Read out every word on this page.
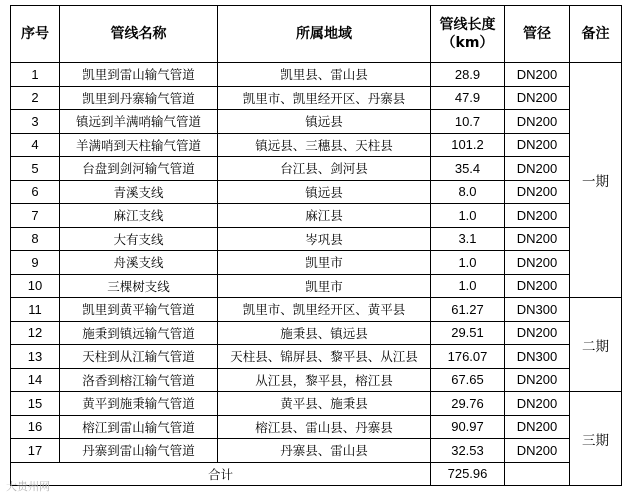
序号	管线名称	所属地域	管线长度（km）	管径	备注
1	凯里到雷山输气管道	凯里县、雷山县	28.9	DN200	一期
2	凯里到丹寨输气管道	凯里市、凯里经开区、丹寨县	47.9	DN200	
3	镇远到羊满哨输气管道	镇远县	10.7	DN200	
4	羊满哨到天柱输气管道	镇远县、三穗县、天柱县	101.2	DN200	
5	台盘到剑河输气管道	台江县、剑河县	35.4	DN200	
6	青溪支线	镇远县	8.0	DN200	
7	麻江支线	麻江县	1.0	DN200	
8	大有支线	岑巩县	3.1	DN200	
9	舟溪支线	凯里市	1.0	DN200	
10	三棵树支线	凯里市	1.0	DN200	
11	凯里到黄平输气管道	凯里市、凯里经开区、黄平县	61.27	DN300	二期
12	施秉到镇远输气管道	施秉县、镇远县	29.51	DN200	
13	天柱到从江输气管道	天柱县、锦屏县、黎平县、从江县	176.07	DN300	
14	洛香到榕江输气管道	从江县，黎平县，榕江县	67.65	DN200	
15	黄平到施秉输气管道	黄平县、施秉县	29.76	DN200	三期
16	榕江到雷山输气管道	榕江县、雷山县、丹寨县	90.97	DN200	
17	丹寨到雷山输气管道	丹寨县、雷山县	32.53	DN200	
合计			725.96		
大贵州网
